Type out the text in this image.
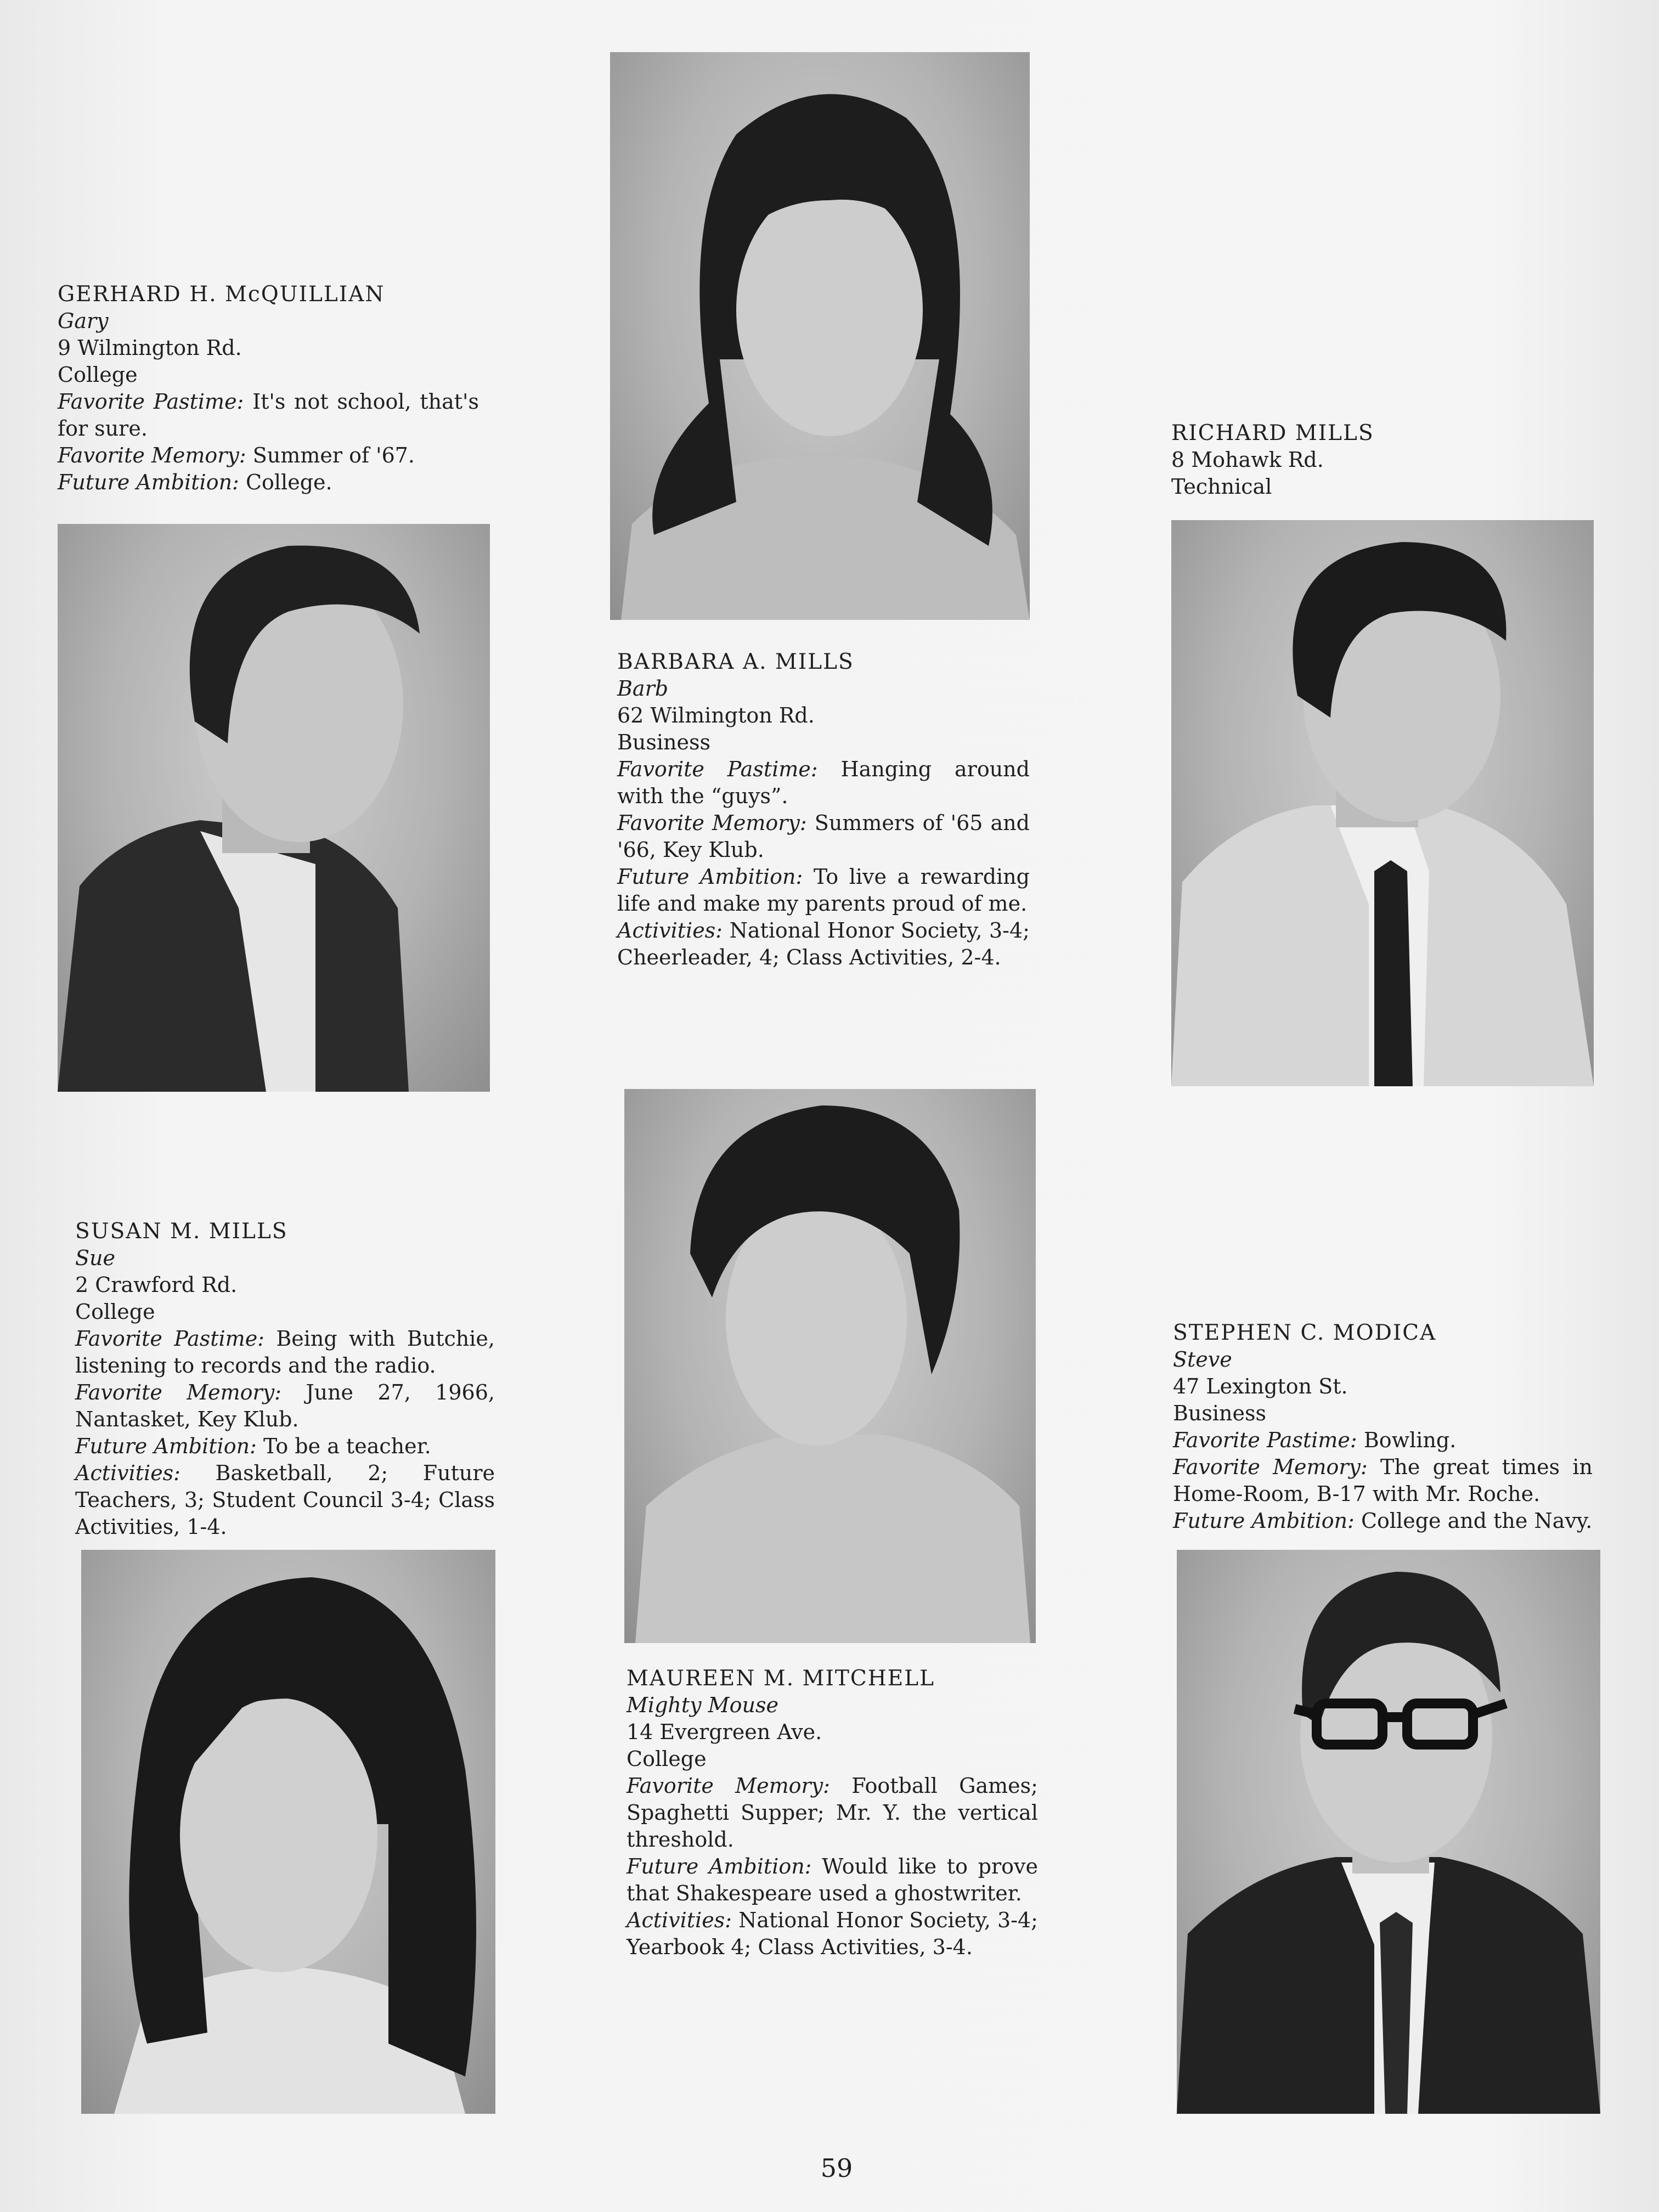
GERHARD H. McQUILLIAN
Gary
9 Wilmington Rd.
College
Favorite Pastime: It's not school, that's for sure.
Favorite Memory: Summer of '67.
Future Ambition: College.
BARBARA A. MILLS
Barb
62 Wilmington Rd.
Business
Favorite Pastime: Hanging around with the “guys”.
Favorite Memory: Summers of '65 and '66, Key Klub.
Future Ambition: To live a rewarding life and make my parents proud of me.
Activities: National Honor Society, 3-4; Cheerleader, 4; Class Activities, 2-4.
RICHARD MILLS
8 Mohawk Rd.
Technical
SUSAN M. MILLS
Sue
2 Crawford Rd.
College
Favorite Pastime: Being with Butchie, listening to records and the radio.
Favorite Memory: June 27, 1966, Nantasket, Key Klub.
Future Ambition: To be a teacher.
Activities: Basketball, 2; Future Teachers, 3; Student Council 3-4; Class Activities, 1-4.
MAUREEN M. MITCHELL
Mighty Mouse
14 Evergreen Ave.
College
Favorite Memory: Football Games; Spaghetti Supper; Mr. Y. the vertical threshold.
Future Ambition: Would like to prove that Shakespeare used a ghostwriter.
Activities: National Honor Society, 3-4; Yearbook 4; Class Activities, 3-4.
STEPHEN C. MODICA
Steve
47 Lexington St.
Business
Favorite Pastime: Bowling.
Favorite Memory: The great times in Home-Room, B-17 with Mr. Roche.
Future Ambition: College and the Navy.
59
